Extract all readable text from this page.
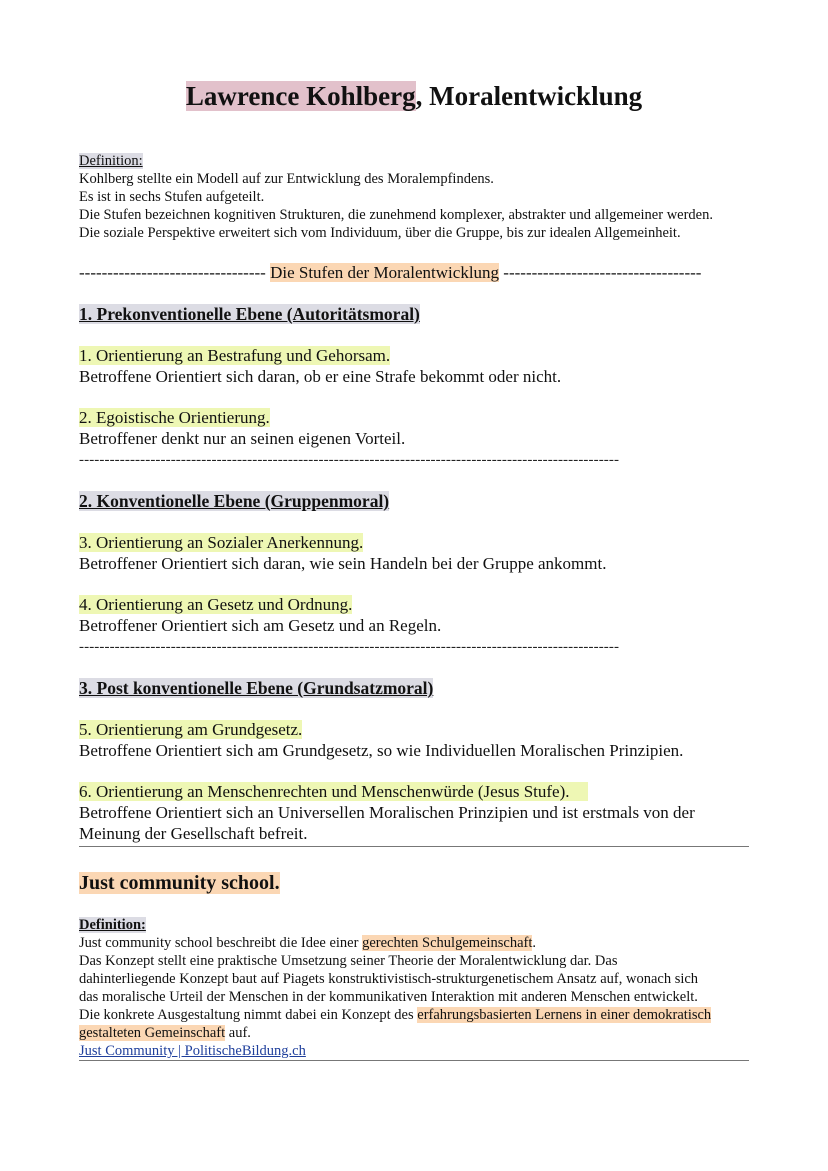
Lawrence Kohlberg, Moralentwicklung
Definition:
Kohlberg stellte ein Modell auf zur Entwicklung des Moralempfindens.
Es ist in sechs Stufen aufgeteilt.
Die Stufen bezeichnen kognitiven Strukturen, die zunehmend komplexer, abstrakter und allgemeiner werden.
Die soziale Perspektive erweitert sich vom Individuum, über die Gruppe, bis zur idealen Allgemeinheit.
--------------------------------- Die Stufen der Moralentwicklung -----------------------------------
1. Prekonventionelle Ebene (Autoritätsmoral)
1. Orientierung an Bestrafung und Gehorsam.
Betroffene Orientiert sich daran, ob er eine Strafe bekommt oder nicht.
2. Egoistische Orientierung.
Betroffener denkt nur an seinen eigenen Vorteil.
----------------------------------------------------------------------------------------------------------
2. Konventionelle Ebene (Gruppenmoral)
3. Orientierung an Sozialer Anerkennung.
Betroffener Orientiert sich daran, wie sein Handeln bei der Gruppe ankommt.
4. Orientierung an Gesetz und Ordnung.
Betroffener Orientiert sich am Gesetz und an Regeln.
----------------------------------------------------------------------------------------------------------
3. Post konventionelle Ebene (Grundsatzmoral)
5. Orientierung am Grundgesetz.
Betroffene Orientiert sich am Grundgesetz, so wie Individuellen Moralischen Prinzipien.
6. Orientierung an Menschenrechten und Menschenwürde (Jesus Stufe).
Betroffene Orientiert sich an Universellen Moralischen Prinzipien und ist erstmals von der
Meinung der Gesellschaft befreit.
Just community school.
Definition:
Just community school beschreibt die Idee einer gerechten Schulgemeinschaft.
Das Konzept stellt eine praktische Umsetzung seiner Theorie der Moralentwicklung dar. Das
dahinterliegende Konzept baut auf Piagets konstruktivistisch-strukturgenetischem Ansatz auf, wonach sich
das moralische Urteil der Menschen in der kommunikativen Interaktion mit anderen Menschen entwickelt.
Die konkrete Ausgestaltung nimmt dabei ein Konzept des erfahrungsbasierten Lernens in einer demokratisch
gestalteten Gemeinschaft auf.
Just Community | PolitischeBildung.ch
